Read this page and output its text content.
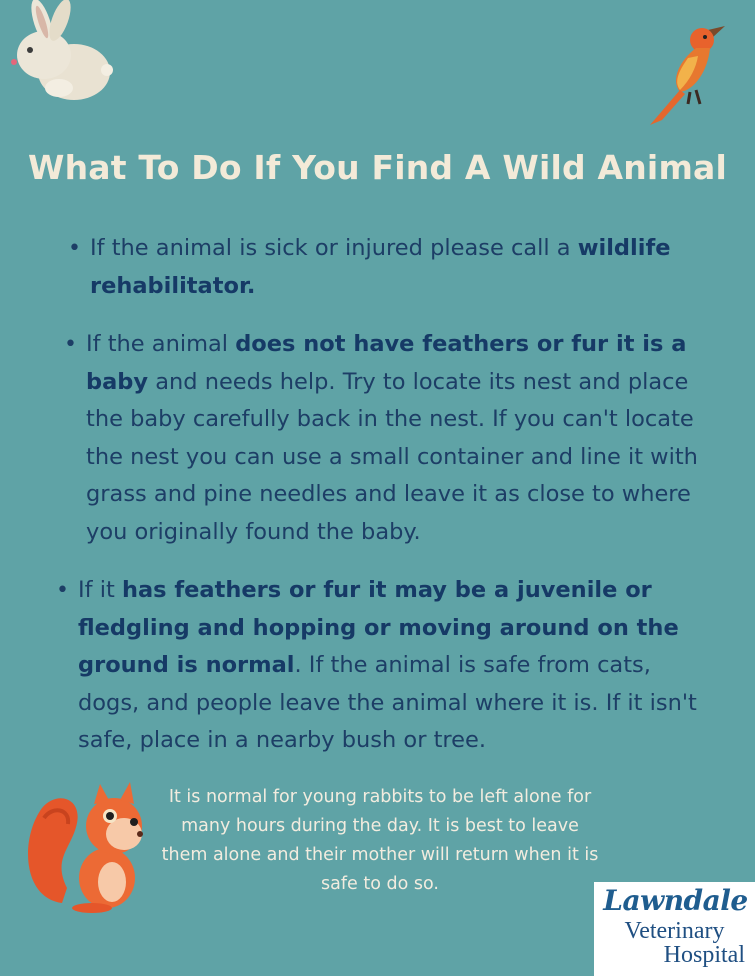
What To Do If You Find A Wild Animal
• If the animal is sick or injured please call a wildlife rehabilitator.
• If the animal does not have feathers or fur it is a baby and needs help. Try to locate its nest and place the baby carefully back in the nest. If you can't locate the nest you can use a small container and line it with grass and pine needles and leave it as close to where you originally found the baby.
• If it has feathers or fur it may be a juvenile or fledgling and hopping or moving around on the ground is normal. If the animal is safe from cats, dogs, and people leave the animal where it is. If it isn't safe, place in a nearby bush or tree.
It is normal for young rabbits to be left alone for many hours during the day. It is best to leave them alone and their mother will return when it is safe to do so.	Lawndale
Veterinary
Hospital
